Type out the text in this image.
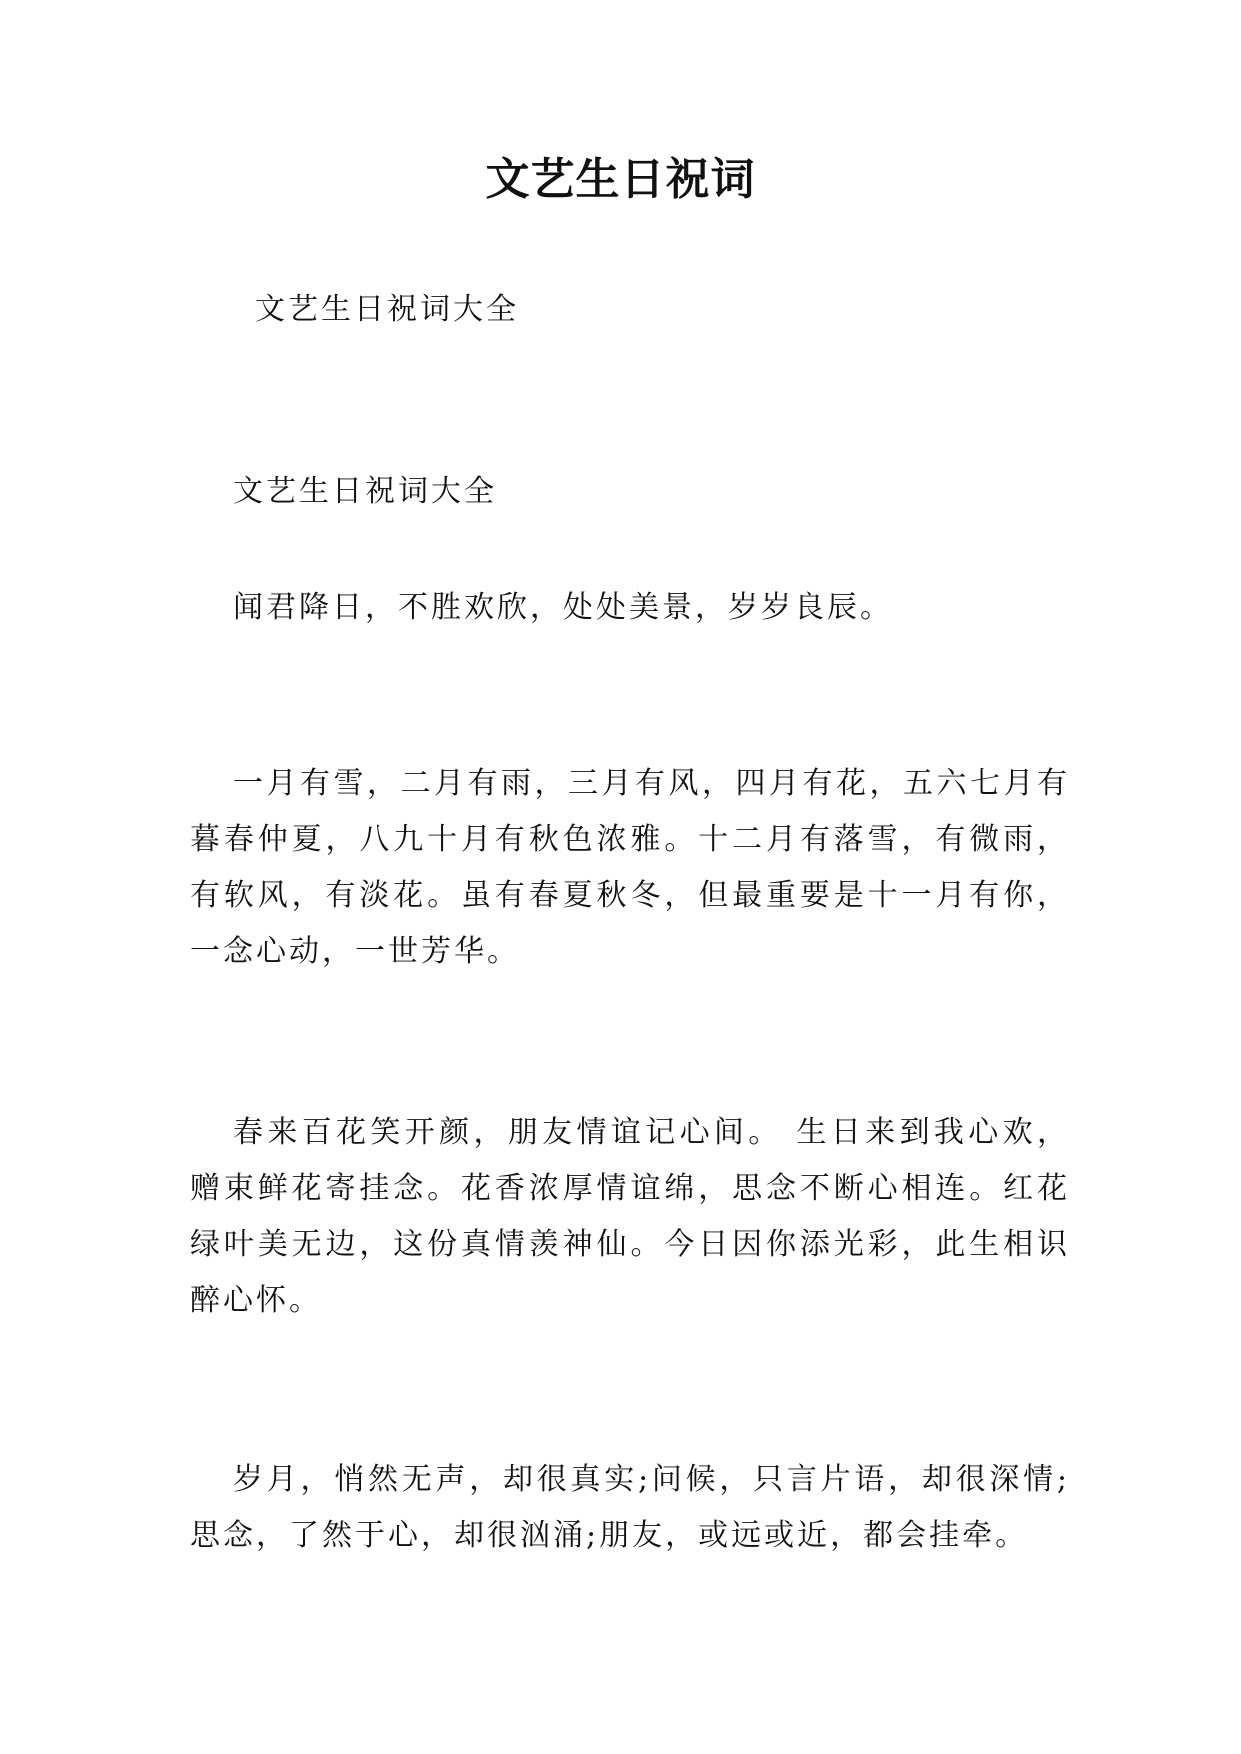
文艺生日祝词
文艺生日祝词大全

文艺生日祝词大全

闻君降日，不胜欢欣，处处美景，岁岁良辰。

一月有雪，二月有雨，三月有风，四月有花，五六七月有暮春仲夏，八九十月有秋色浓雅。十二月有落雪，有微雨，有软风，有淡花。虽有春夏秋冬，但最重要是十一月有你，一念心动，一世芳华。

春来百花笑开颜，朋友情谊记心间。 生日来到我心欢，赠束鲜花寄挂念。花香浓厚情谊绵，思念不断心相连。红花绿叶美无边，这份真情羡神仙。今日因你添光彩，此生相识醉心怀。

岁月，悄然无声，却很真实;问候，只言片语，却很深情;思念，了然于心，却很汹涌;朋友，或远或近，都会挂牵。
